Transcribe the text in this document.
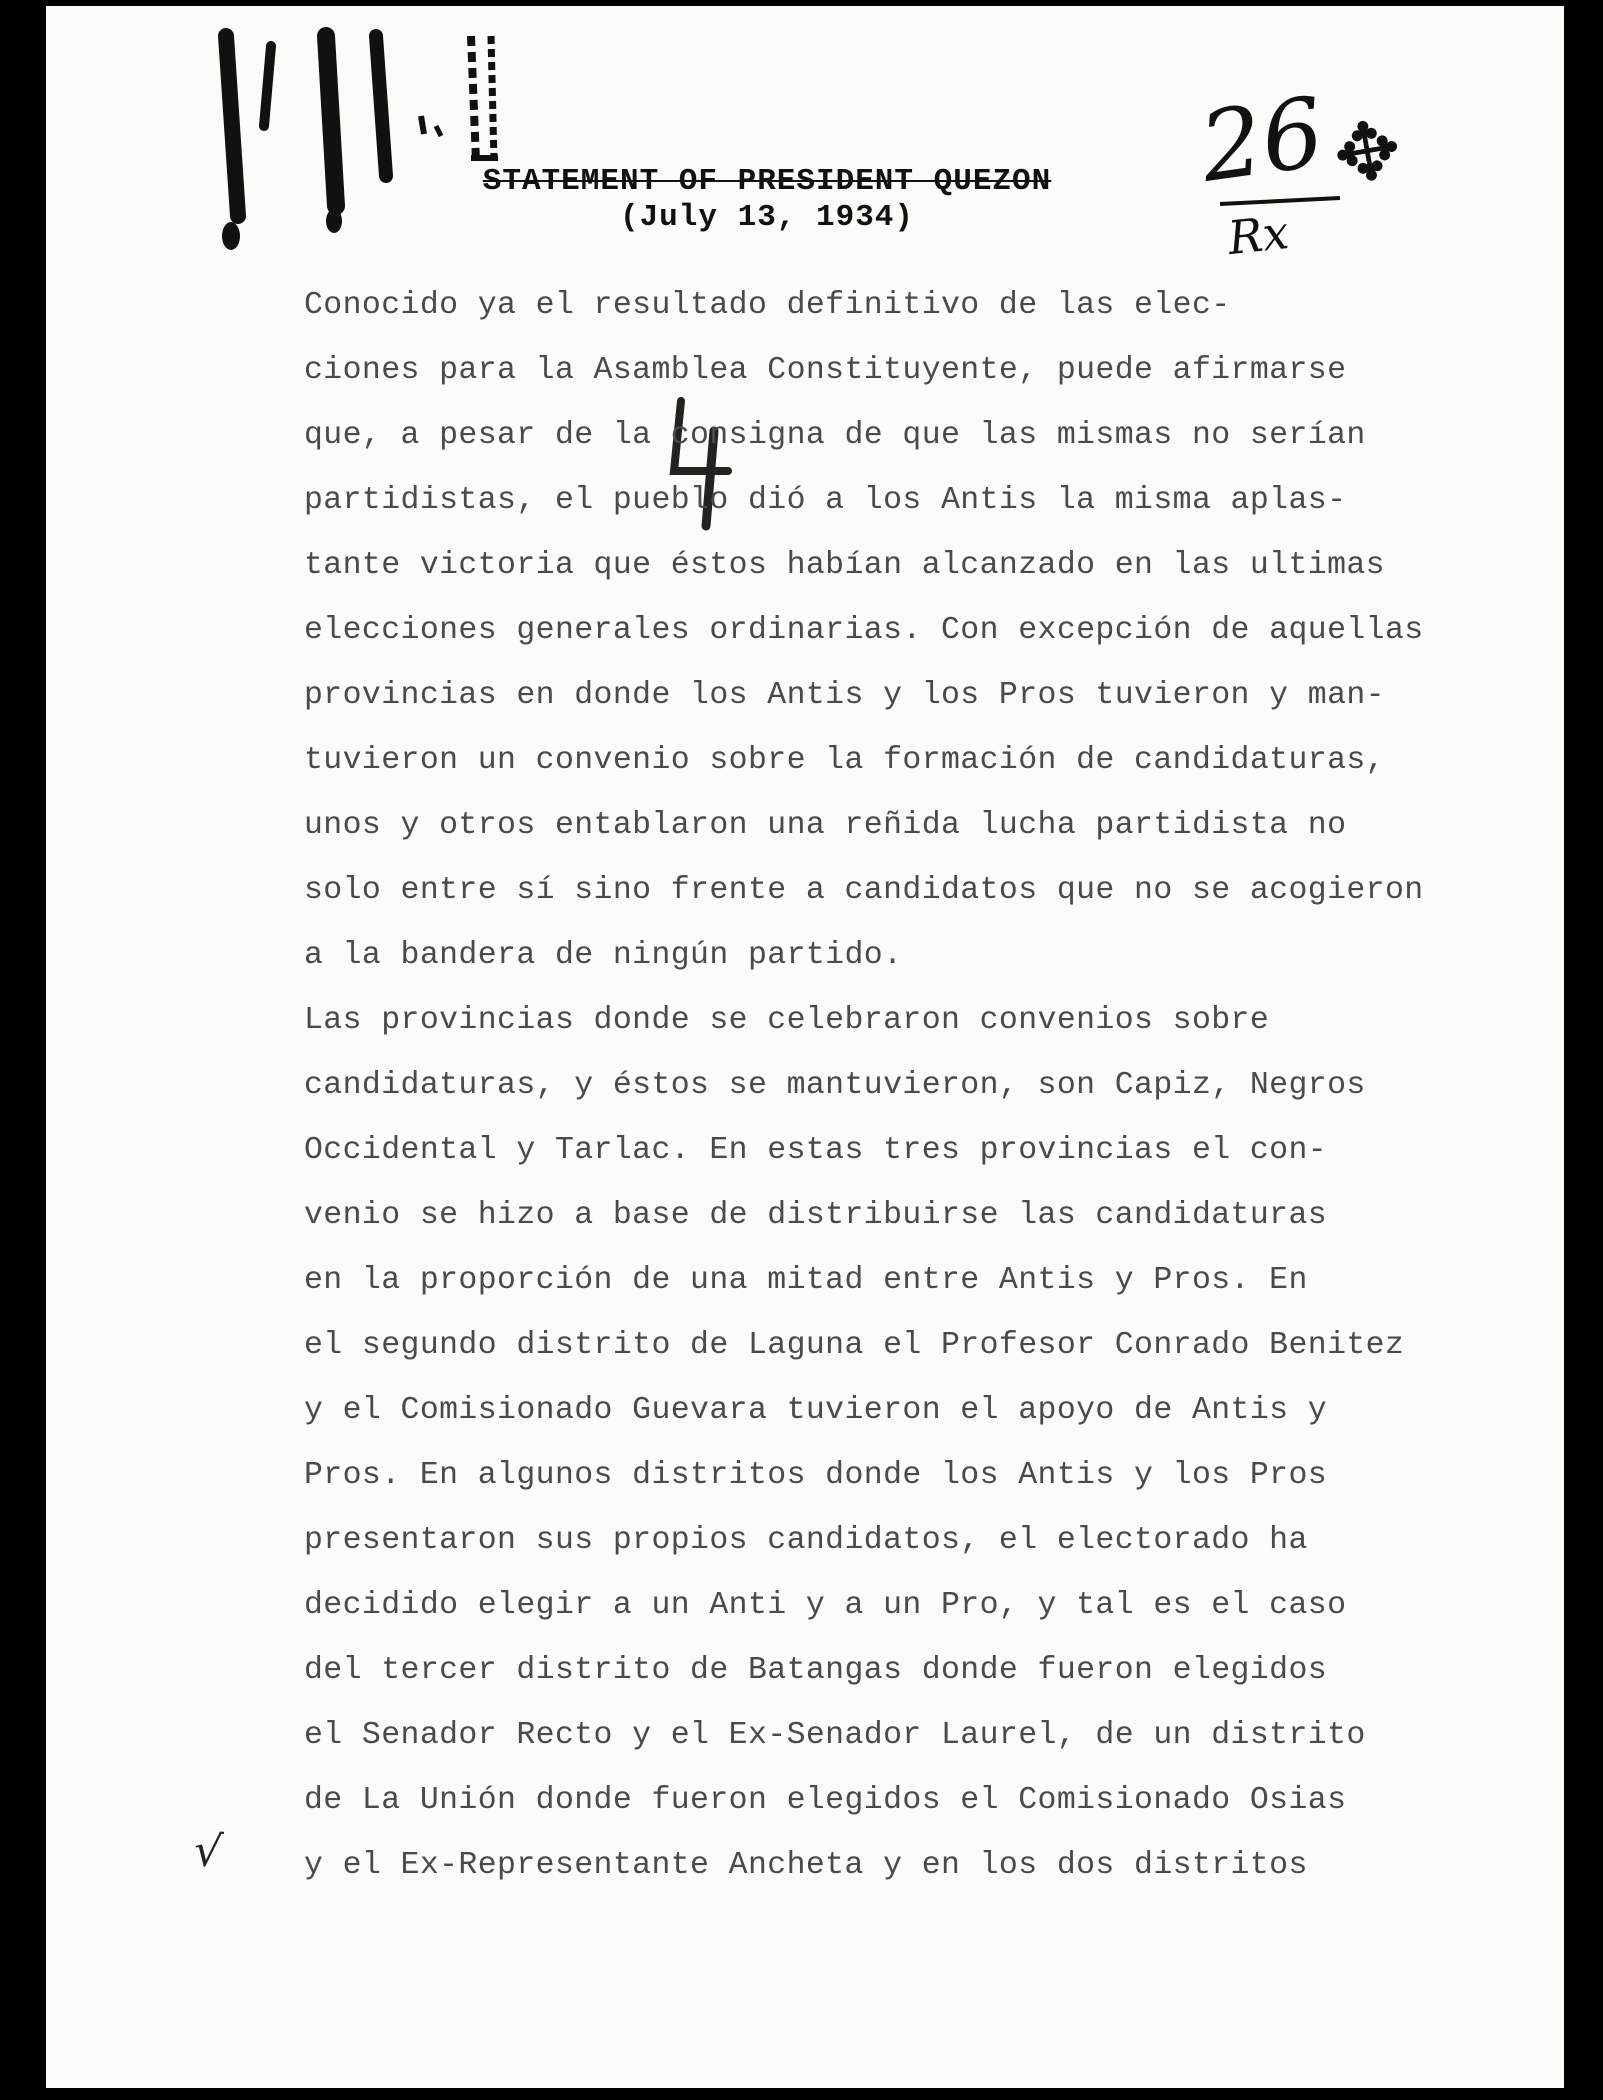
26
✥
Rx
STATEMENT OF PRESIDENT QUEZON
(July 13, 1934)
Conocido ya el resultado definitivo de las elec-
ciones para la Asamblea Constituyente, puede afirmarse
que, a pesar de la consigna de que las mismas no serían
partidistas, el pueblo dió a los Antis la misma aplas-
tante victoria que éstos habían alcanzado en las ultimas
elecciones generales ordinarias. Con excepción de aquellas
provincias en donde los Antis y los Pros tuvieron y man-
tuvieron un convenio sobre la formación de candidaturas,
unos y otros entablaron una reñida lucha partidista no
solo entre sí sino frente a candidatos que no se acogieron
a la bandera de ningún partido.
Las provincias donde se celebraron convenios sobre
candidaturas, y éstos se mantuvieron, son Capiz, Negros
Occidental y Tarlac. En estas tres provincias el con-
venio se hizo a base de distribuirse las candidaturas
en la proporción de una mitad entre Antis y Pros. En
el segundo distrito de Laguna el Profesor Conrado Benitez
y el Comisionado Guevara tuvieron el apoyo de Antis y
Pros. En algunos distritos donde los Antis y los Pros
presentaron sus propios candidatos, el electorado ha
decidido elegir a un Anti y a un Pro, y tal es el caso
del tercer distrito de Batangas donde fueron elegidos
el Senador Recto y el Ex-Senador Laurel, de un distrito
de La Unión donde fueron elegidos el Comisionado Osias
y el Ex-Representante Ancheta y en los dos distritos
√
